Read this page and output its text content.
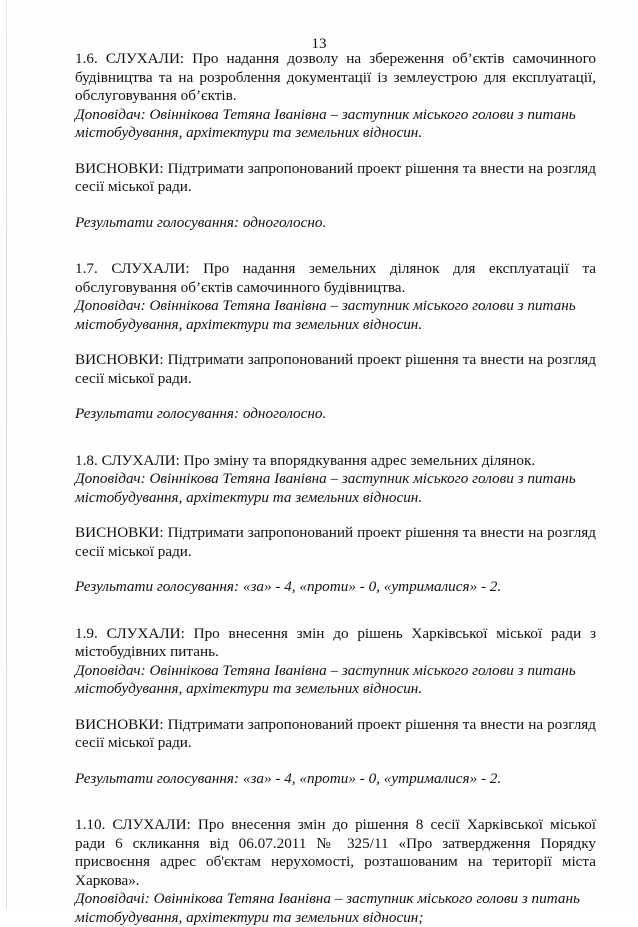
13

1.6. СЛУХАЛИ: Про надання дозволу на збереження об’єктів самочинного будівництва та на розроблення документації із землеустрою для експлуатації, обслуговування об’єктів.

Доповідач: Овіннікова Тетяна Іванівна – заступник міського голови з питань містобудування, архітектури та земельних відносин.

ВИСНОВКИ: Підтримати запропонований проект рішення та внести на розгляд сесії міської ради.

Результати голосування: одноголосно.

1.7. СЛУХАЛИ: Про надання земельних ділянок для експлуатації та обслуговування об’єктів самочинного будівництва.

Доповідач: Овіннікова Тетяна Іванівна – заступник міського голови з питань містобудування, архітектури та земельних відносин.

ВИСНОВКИ: Підтримати запропонований проект рішення та внести на розгляд сесії міської ради.

Результати голосування: одноголосно.

1.8. СЛУХАЛИ: Про зміну та впорядкування адрес земельних ділянок.

Доповідач: Овіннікова Тетяна Іванівна – заступник міського голови з питань містобудування, архітектури та земельних відносин.

ВИСНОВКИ: Підтримати запропонований проект рішення та внести на розгляд сесії міської ради.

Результати голосування: «за» - 4, «проти» - 0, «утрималися» - 2.

1.9. СЛУХАЛИ: Про внесення змін до рішень Харківської міської ради з містобудівних питань.

Доповідач: Овіннікова Тетяна Іванівна – заступник міського голови з питань містобудування, архітектури та земельних відносин.

ВИСНОВКИ: Підтримати запропонований проект рішення та внести на розгляд сесії міської ради.

Результати голосування: «за» - 4, «проти» - 0, «утрималися» - 2.

1.10. СЛУХАЛИ: Про внесення змін до рішення 8 сесії Харківської міської ради 6 скликання від 06.07.2011 № 325/11 «Про затвердження Порядку присвоєння адрес об'єктам нерухомості, розташованим на території міста Харкова».

Доповідачі: Овіннікова Тетяна Іванівна – заступник міського голови з питань містобудування, архітектури та земельних відносин;
